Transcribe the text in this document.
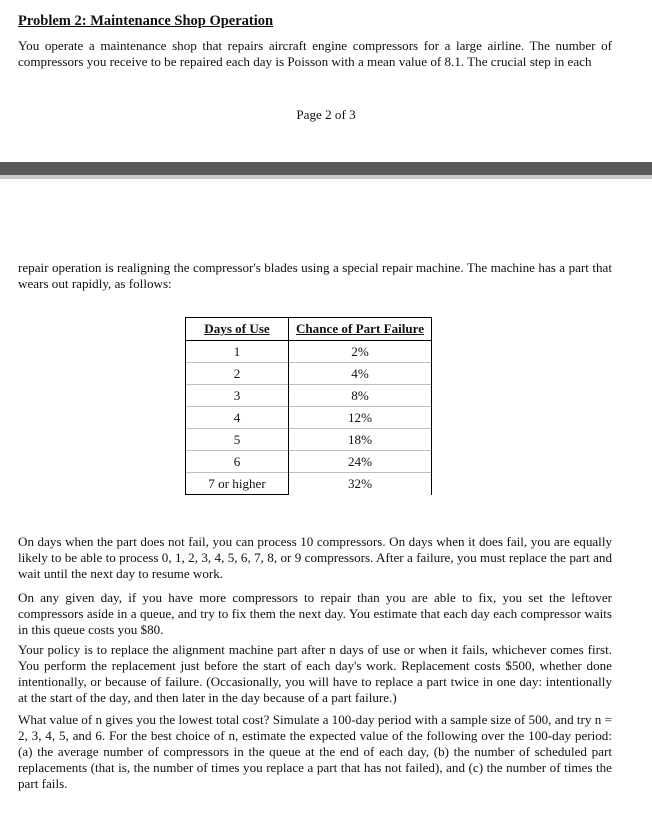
Problem 2: Maintenance Shop Operation

You operate a maintenance shop that repairs aircraft engine compressors for a large airline. The number of compressors you receive to be repaired each day is Poisson with a mean value of 8.1. The crucial step in each

Page 2 of 3

repair operation is realigning the compressor's blades using a special repair machine. The machine has a part that wears out rapidly, as follows:

Days of Use	Chance of Part Failure
1	2%
2	4%
3	8%
4	12%
5	18%
6	24%
7 or higher	32%

On days when the part does not fail, you can process 10 compressors. On days when it does fail, you are equally likely to be able to process 0, 1, 2, 3, 4, 5, 6, 7, 8, or 9 compressors. After a failure, you must replace the part and wait until the next day to resume work.

On any given day, if you have more compressors to repair than you are able to fix, you set the leftover compressors aside in a queue, and try to fix them the next day. You estimate that each day each compressor waits in this queue costs you $80.

Your policy is to replace the alignment machine part after n days of use or when it fails, whichever comes first. You perform the replacement just before the start of each day's work. Replacement costs $500, whether done intentionally, or because of failure. (Occasionally, you will have to replace a part twice in one day: intentionally at the start of the day, and then later in the day because of a part failure.)

What value of n gives you the lowest total cost? Simulate a 100-day period with a sample size of 500, and try n = 2, 3, 4, 5, and 6. For the best choice of n, estimate the expected value of the following over the 100-day period: (a) the average number of compressors in the queue at the end of each day, (b) the number of scheduled part replacements (that is, the number of times you replace a part that has not failed), and (c) the number of times the part fails.
